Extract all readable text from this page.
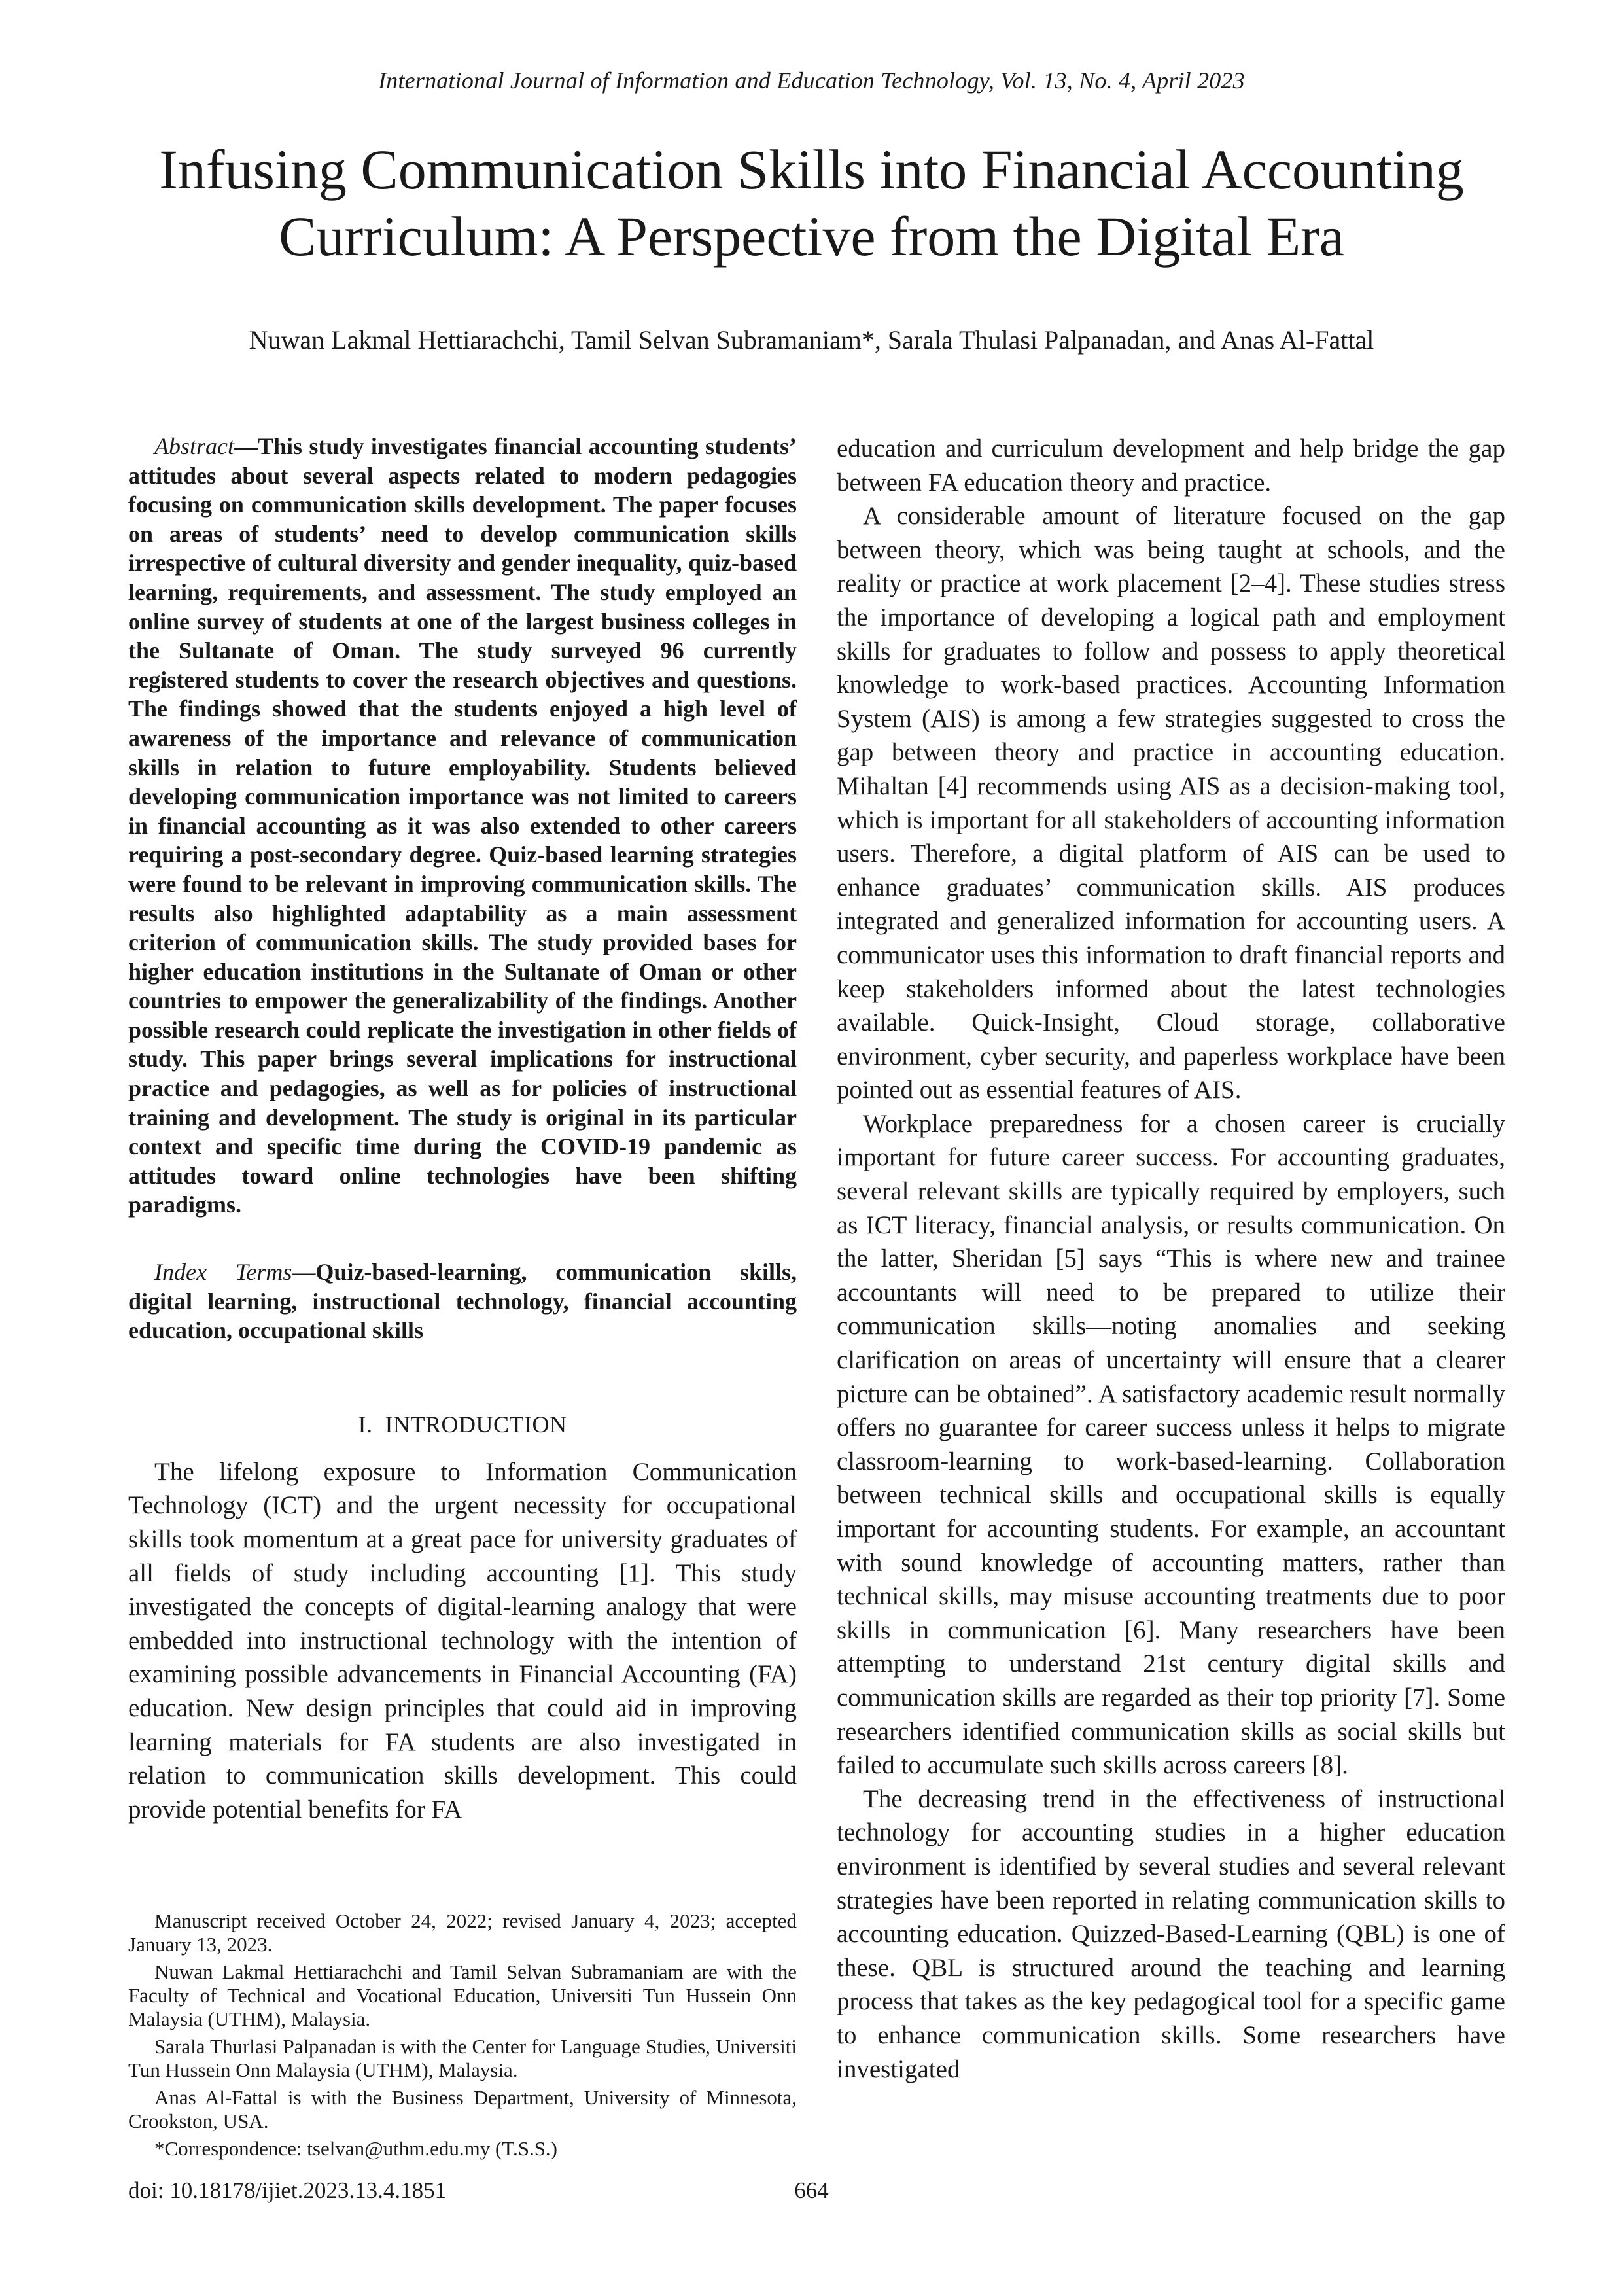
International Journal of Information and Education Technology, Vol. 13, No. 4, April 2023
Infusing Communication Skills into Financial Accounting
Curriculum: A Perspective from the Digital Era
Nuwan Lakmal Hettiarachchi, Tamil Selvan Subramaniam*, Sarala Thulasi Palpanadan, and Anas Al-Fattal

Abstract—This study investigates financial accounting students’ attitudes about several aspects related to modern pedagogies focusing on communication skills development. The paper focuses on areas of students’ need to develop communication skills irrespective of cultural diversity and gender inequality, quiz-based learning, requirements, and assessment. The study employed an online survey of students at one of the largest business colleges in the Sultanate of Oman. The study surveyed 96 currently registered students to cover the research objectives and questions. The findings showed that the students enjoyed a high level of awareness of the importance and relevance of communication skills in relation to future employability. Students believed developing communication importance was not limited to careers in financial accounting as it was also extended to other careers requiring a post-secondary degree. Quiz-based learning strategies were found to be relevant in improving communication skills. The results also highlighted adaptability as a main assessment criterion of communication skills. The study provided bases for higher education institutions in the Sultanate of Oman or other countries to empower the generalizability of the findings. Another possible research could replicate the investigation in other fields of study. This paper brings several implications for instructional practice and pedagogies, as well as for policies of instructional training and development. The study is original in its particular context and specific time during the COVID-19 pandemic as attitudes toward online technologies have been shifting paradigms.

Index Terms—Quiz-based-learning, communication skills, digital learning, instructional technology, financial accounting education, occupational skills

I. INTRODUCTION

The lifelong exposure to Information Communication Technology (ICT) and the urgent necessity for occupational skills took momentum at a great pace for university graduates of all fields of study including accounting [1]. This study investigated the concepts of digital-learning analogy that were embedded into instructional technology with the intention of examining possible advancements in Financial Accounting (FA) education. New design principles that could aid in improving learning materials for FA students are also investigated in relation to communication skills development. This could provide potential benefits for FA

education and curriculum development and help bridge the gap between FA education theory and practice.

A considerable amount of literature focused on the gap between theory, which was being taught at schools, and the reality or practice at work placement [2–4]. These studies stress the importance of developing a logical path and employment skills for graduates to follow and possess to apply theoretical knowledge to work-based practices. Accounting Information System (AIS) is among a few strategies suggested to cross the gap between theory and practice in accounting education. Mihaltan [4] recommends using AIS as a decision-making tool, which is important for all stakeholders of accounting information users. Therefore, a digital platform of AIS can be used to enhance graduates’ communication skills. AIS produces integrated and generalized information for accounting users. A communicator uses this information to draft financial reports and keep stakeholders informed about the latest technologies available. Quick-Insight, Cloud storage, collaborative environment, cyber security, and paperless workplace have been pointed out as essential features of AIS.

Workplace preparedness for a chosen career is crucially important for future career success. For accounting graduates, several relevant skills are typically required by employers, such as ICT literacy, financial analysis, or results communication. On the latter, Sheridan [5] says “This is where new and trainee accountants will need to be prepared to utilize their communication skills—noting anomalies and seeking clarification on areas of uncertainty will ensure that a clearer picture can be obtained”. A satisfactory academic result normally offers no guarantee for career success unless it helps to migrate classroom-learning to work-based-learning. Collaboration between technical skills and occupational skills is equally important for accounting students. For example, an accountant with sound knowledge of accounting matters, rather than technical skills, may misuse accounting treatments due to poor skills in communication [6]. Many researchers have been attempting to understand 21st century digital skills and communication skills are regarded as their top priority [7]. Some researchers identified communication skills as social skills but failed to accumulate such skills across careers [8].

The decreasing trend in the effectiveness of instructional technology for accounting studies in a higher education environment is identified by several studies and several relevant strategies have been reported in relating communication skills to accounting education. Quizzed-Based-Learning (QBL) is one of these. QBL is structured around the teaching and learning process that takes as the key pedagogical tool for a specific game to enhance communication skills. Some researchers have investigated

Manuscript received October 24, 2022; revised January 4, 2023; accepted January 13, 2023.

Nuwan Lakmal Hettiarachchi and Tamil Selvan Subramaniam are with the Faculty of Technical and Vocational Education, Universiti Tun Hussein Onn Malaysia (UTHM), Malaysia.

Sarala Thurlasi Palpanadan is with the Center for Language Studies, Universiti Tun Hussein Onn Malaysia (UTHM), Malaysia.

Anas Al-Fattal is with the Business Department, University of Minnesota, Crookston, USA.

*Correspondence: tselvan@uthm.edu.my (T.S.S.)

doi: 10.18178/ijiet.2023.13.4.1851	664
